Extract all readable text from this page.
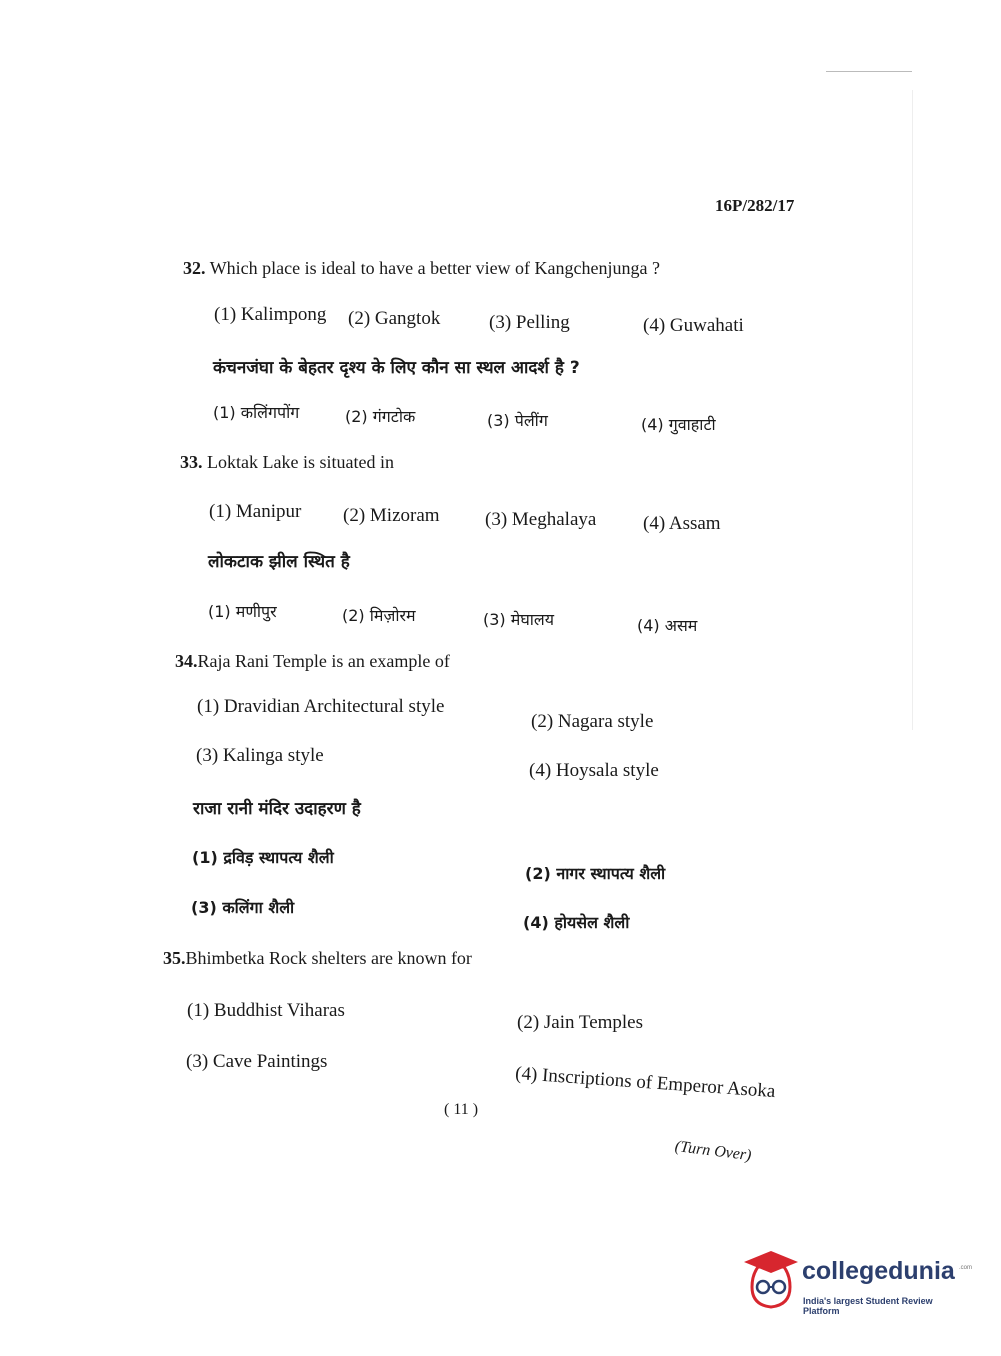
16P/282/17
32. Which place is ideal to have a better view of Kangchenjunga ?
(1) Kalimpong (2) Gangtok	(3) Pelling	(4) Guwahati
कंचनजंघा के बेहतर दृश्य के लिए कौन सा स्थल आदर्श है ?
(1) कलिंगपोंग	(2) गंगटोक	(3) पेलींग	(4) गुवाहाटी
33. Loktak Lake is situated in
(1) Manipur (2) Mizoram (3) Meghalaya (4) Assam
लोकटाक झील स्थित है
(1) मणीपुर	(2) मिज़ोरम	(3) मेघालय	(4) असम
34.Raja Rani Temple is an example of
(1) Dravidian Architectural style
(2) Nagara style
(3) Kalinga style
(4) Hoysala style
राजा रानी मंदिर उदाहरण है
(1) द्रविड़ स्थापत्य शैली
(2) नागर स्थापत्य शैली
(3) कलिंगा शैली
(4) होयसेल शैली
35.Bhimbetka Rock shelters are known for
(1) Buddhist Viharas
(2) Jain Temples
(3) Cave Paintings
(4) Inscriptions of Emperor Asoka
( 11 )
(Turn Over)
collegedunia .com
India's largest Student Review Platform
